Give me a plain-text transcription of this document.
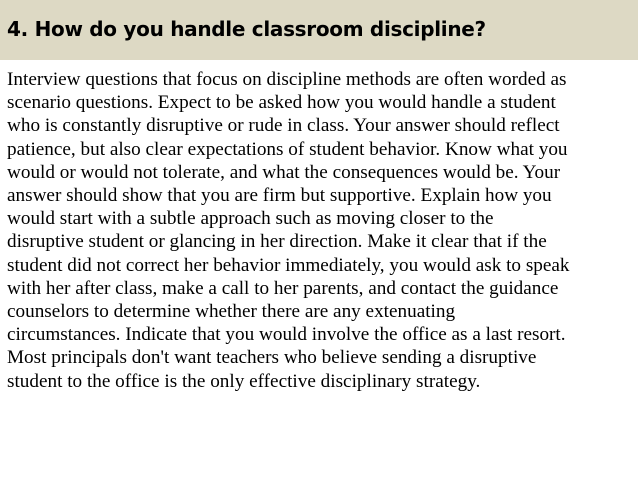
4. How do you handle classroom discipline?
Interview questions that focus on discipline methods are often worded as
scenario questions. Expect to be asked how you would handle a student
who is constantly disruptive or rude in class. Your answer should reflect
patience, but also clear expectations of student behavior. Know what you
would or would not tolerate, and what the consequences would be. Your
answer should show that you are firm but supportive. Explain how you
would start with a subtle approach such as moving closer to the
disruptive student or glancing in her direction. Make it clear that if the
student did not correct her behavior immediately, you would ask to speak
with her after class, make a call to her parents, and contact the guidance
counselors to determine whether there are any extenuating
circumstances. Indicate that you would involve the office as a last resort.
Most principals don't want teachers who believe sending a disruptive
student to the office is the only effective disciplinary strategy.
